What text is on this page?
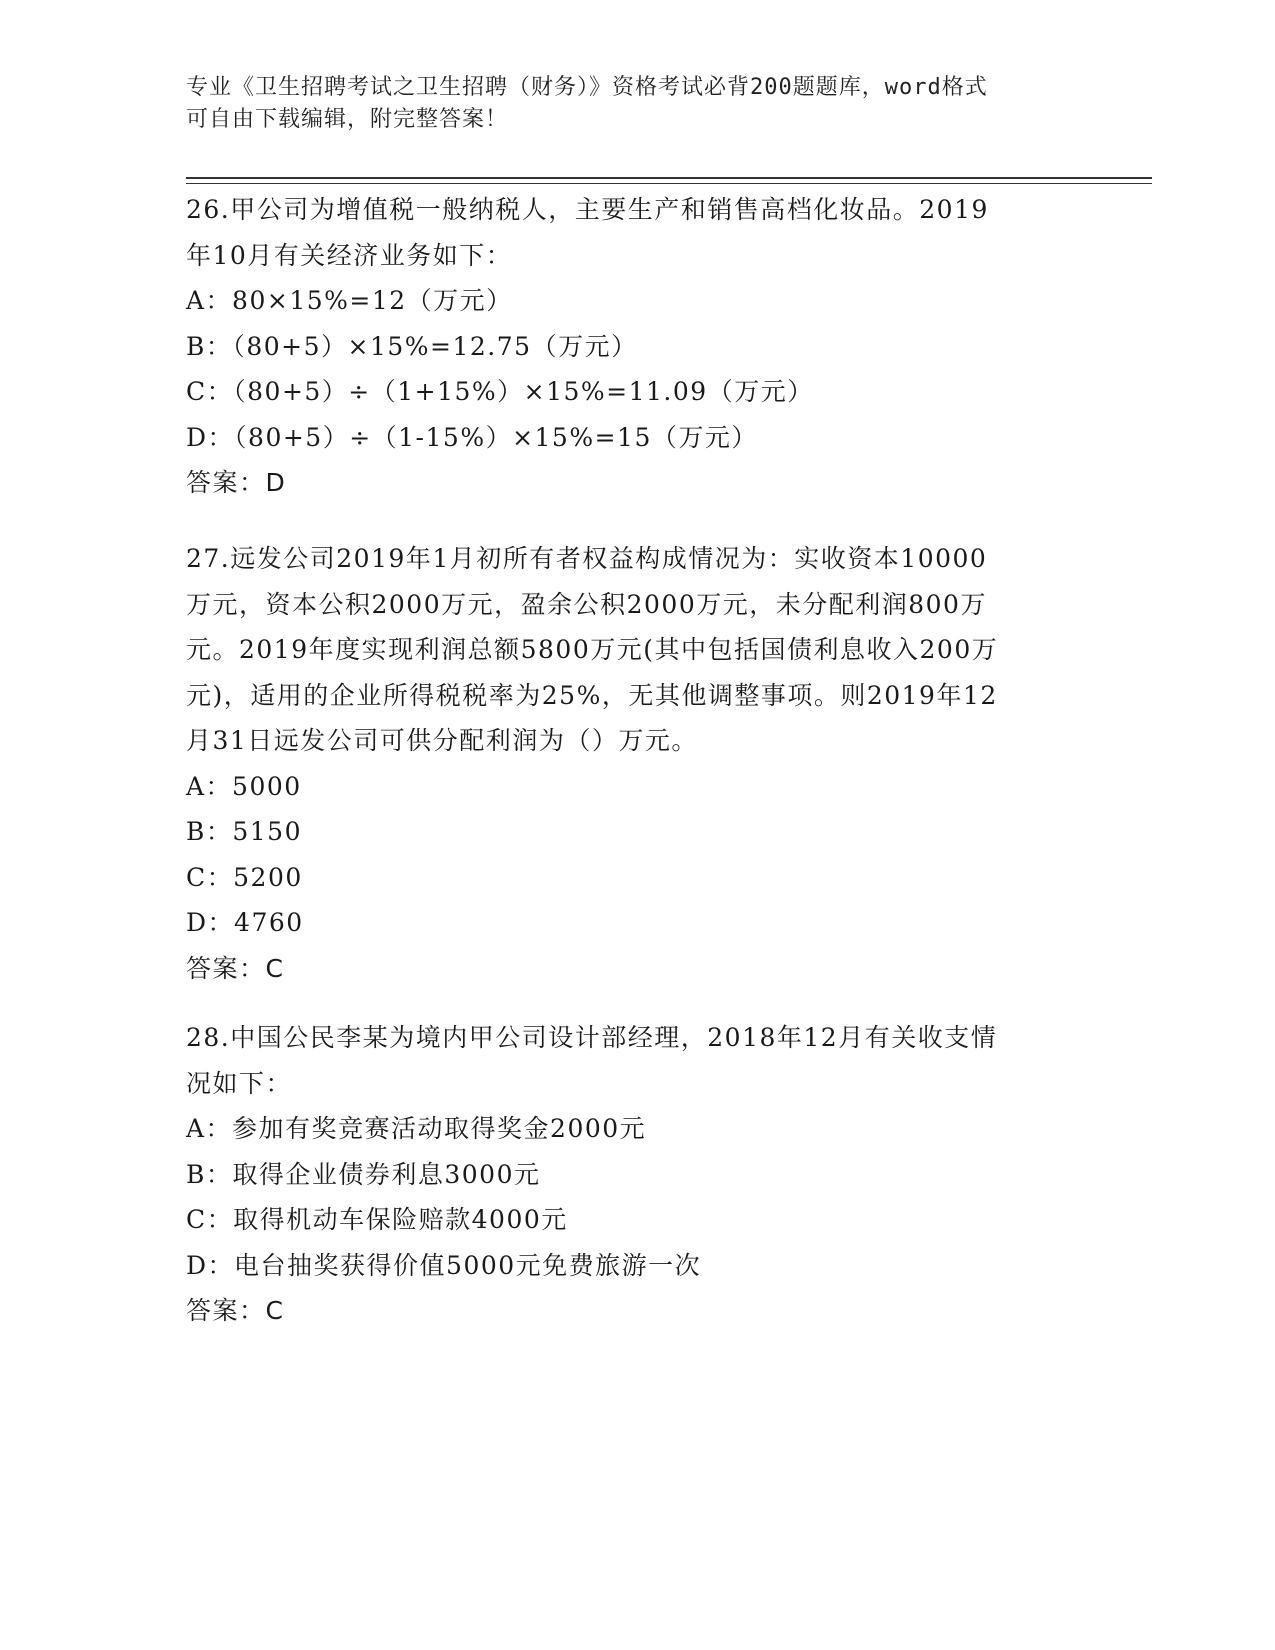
专业《卫生招聘考试之卫生招聘（财务）》资格考试必背200题题库，word格式
可自由下载编辑，附完整答案！
26.甲公司为增值税一般纳税人，主要生产和销售高档化妆品。2019
年10月有关经济业务如下：
A：80×15%=12（万元）
B：（80+5）×15%=12.75（万元）
C：（80+5）÷（1+15%）×15%=11.09（万元）
D：（80+5）÷（1-15%）×15%=15（万元）
答案：D
27.远发公司2019年1月初所有者权益构成情况为：实收资本10000
万元，资本公积2000万元，盈余公积2000万元，未分配利润800万
元。2019年度实现利润总额5800万元(其中包括国债利息收入200万
元)，适用的企业所得税税率为25%，无其他调整事项。则2019年12
月31日远发公司可供分配利润为（）万元。
A：5000
B：5150
C：5200
D：4760
答案：C
28.中国公民李某为境内甲公司设计部经理，2018年12月有关收支情
况如下：
A：参加有奖竞赛活动取得奖金2000元
B：取得企业债券利息3000元
C：取得机动车保险赔款4000元
D：电台抽奖获得价值5000元免费旅游一次
答案：C
